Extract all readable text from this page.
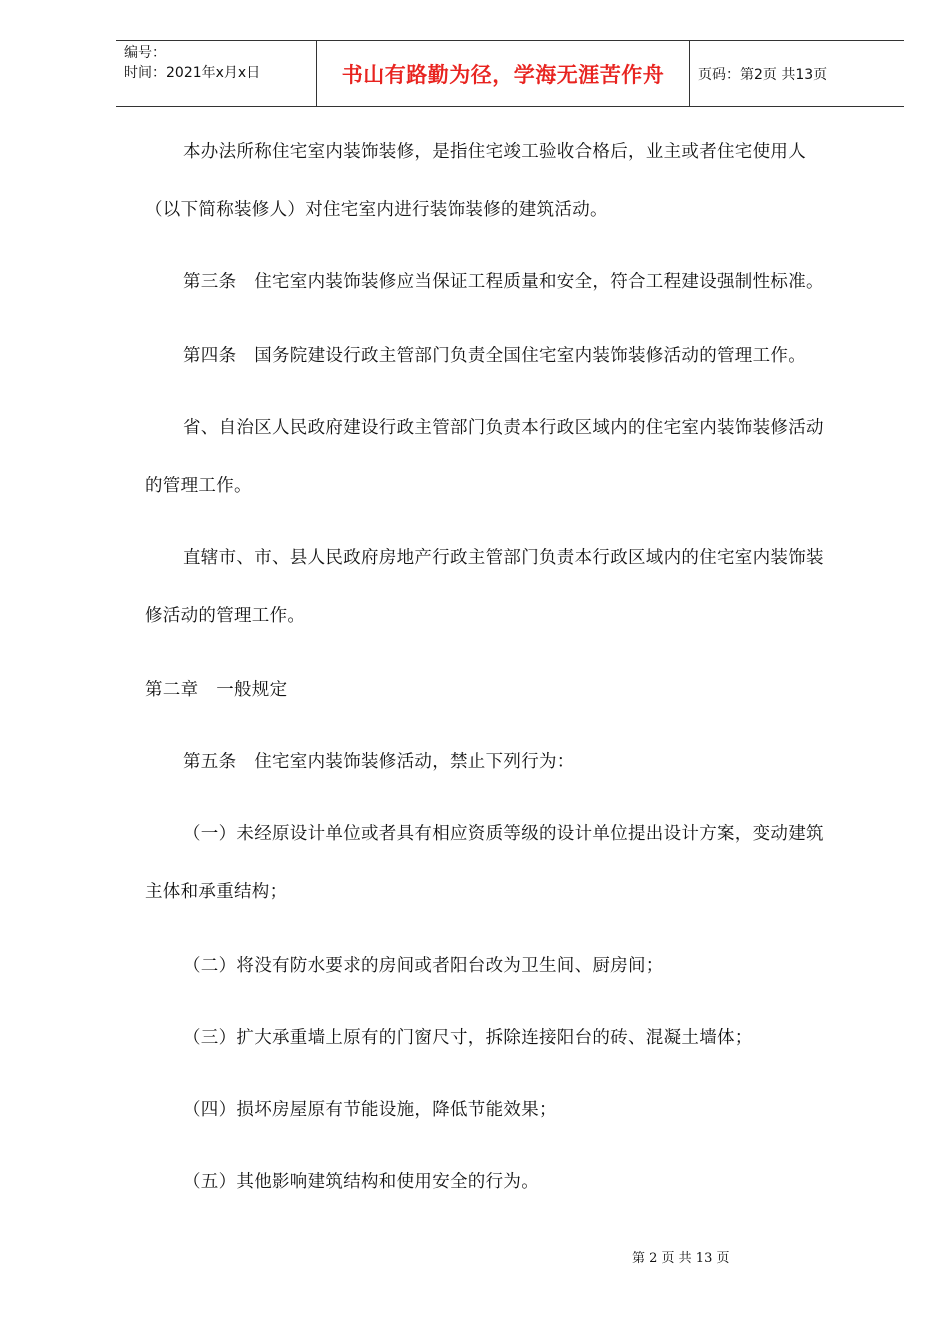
编号：
时间：2021年x月x日	书山有路勤为径，学海无涯苦作舟 页码：第2页 共13页
本办法所称住宅室内装饰装修，是指住宅竣工验收合格后，业主或者住宅使用人
（以下简称装修人）对住宅室内进行装饰装修的建筑活动。
第三条　住宅室内装饰装修应当保证工程质量和安全，符合工程建设强制性标准。
第四条　国务院建设行政主管部门负责全国住宅室内装饰装修活动的管理工作。
省、自治区人民政府建设行政主管部门负责本行政区域内的住宅室内装饰装修活动
的管理工作。
直辖市、市、县人民政府房地产行政主管部门负责本行政区域内的住宅室内装饰装
修活动的管理工作。
第二章　一般规定
第五条　住宅室内装饰装修活动，禁止下列行为：
（一）未经原设计单位或者具有相应资质等级的设计单位提出设计方案，变动建筑
主体和承重结构；
（二）将没有防水要求的房间或者阳台改为卫生间、厨房间；
（三）扩大承重墙上原有的门窗尺寸，拆除连接阳台的砖、混凝土墙体；
（四）损坏房屋原有节能设施，降低节能效果；
（五）其他影响建筑结构和使用安全的行为。
第 2 页 共 13 页
